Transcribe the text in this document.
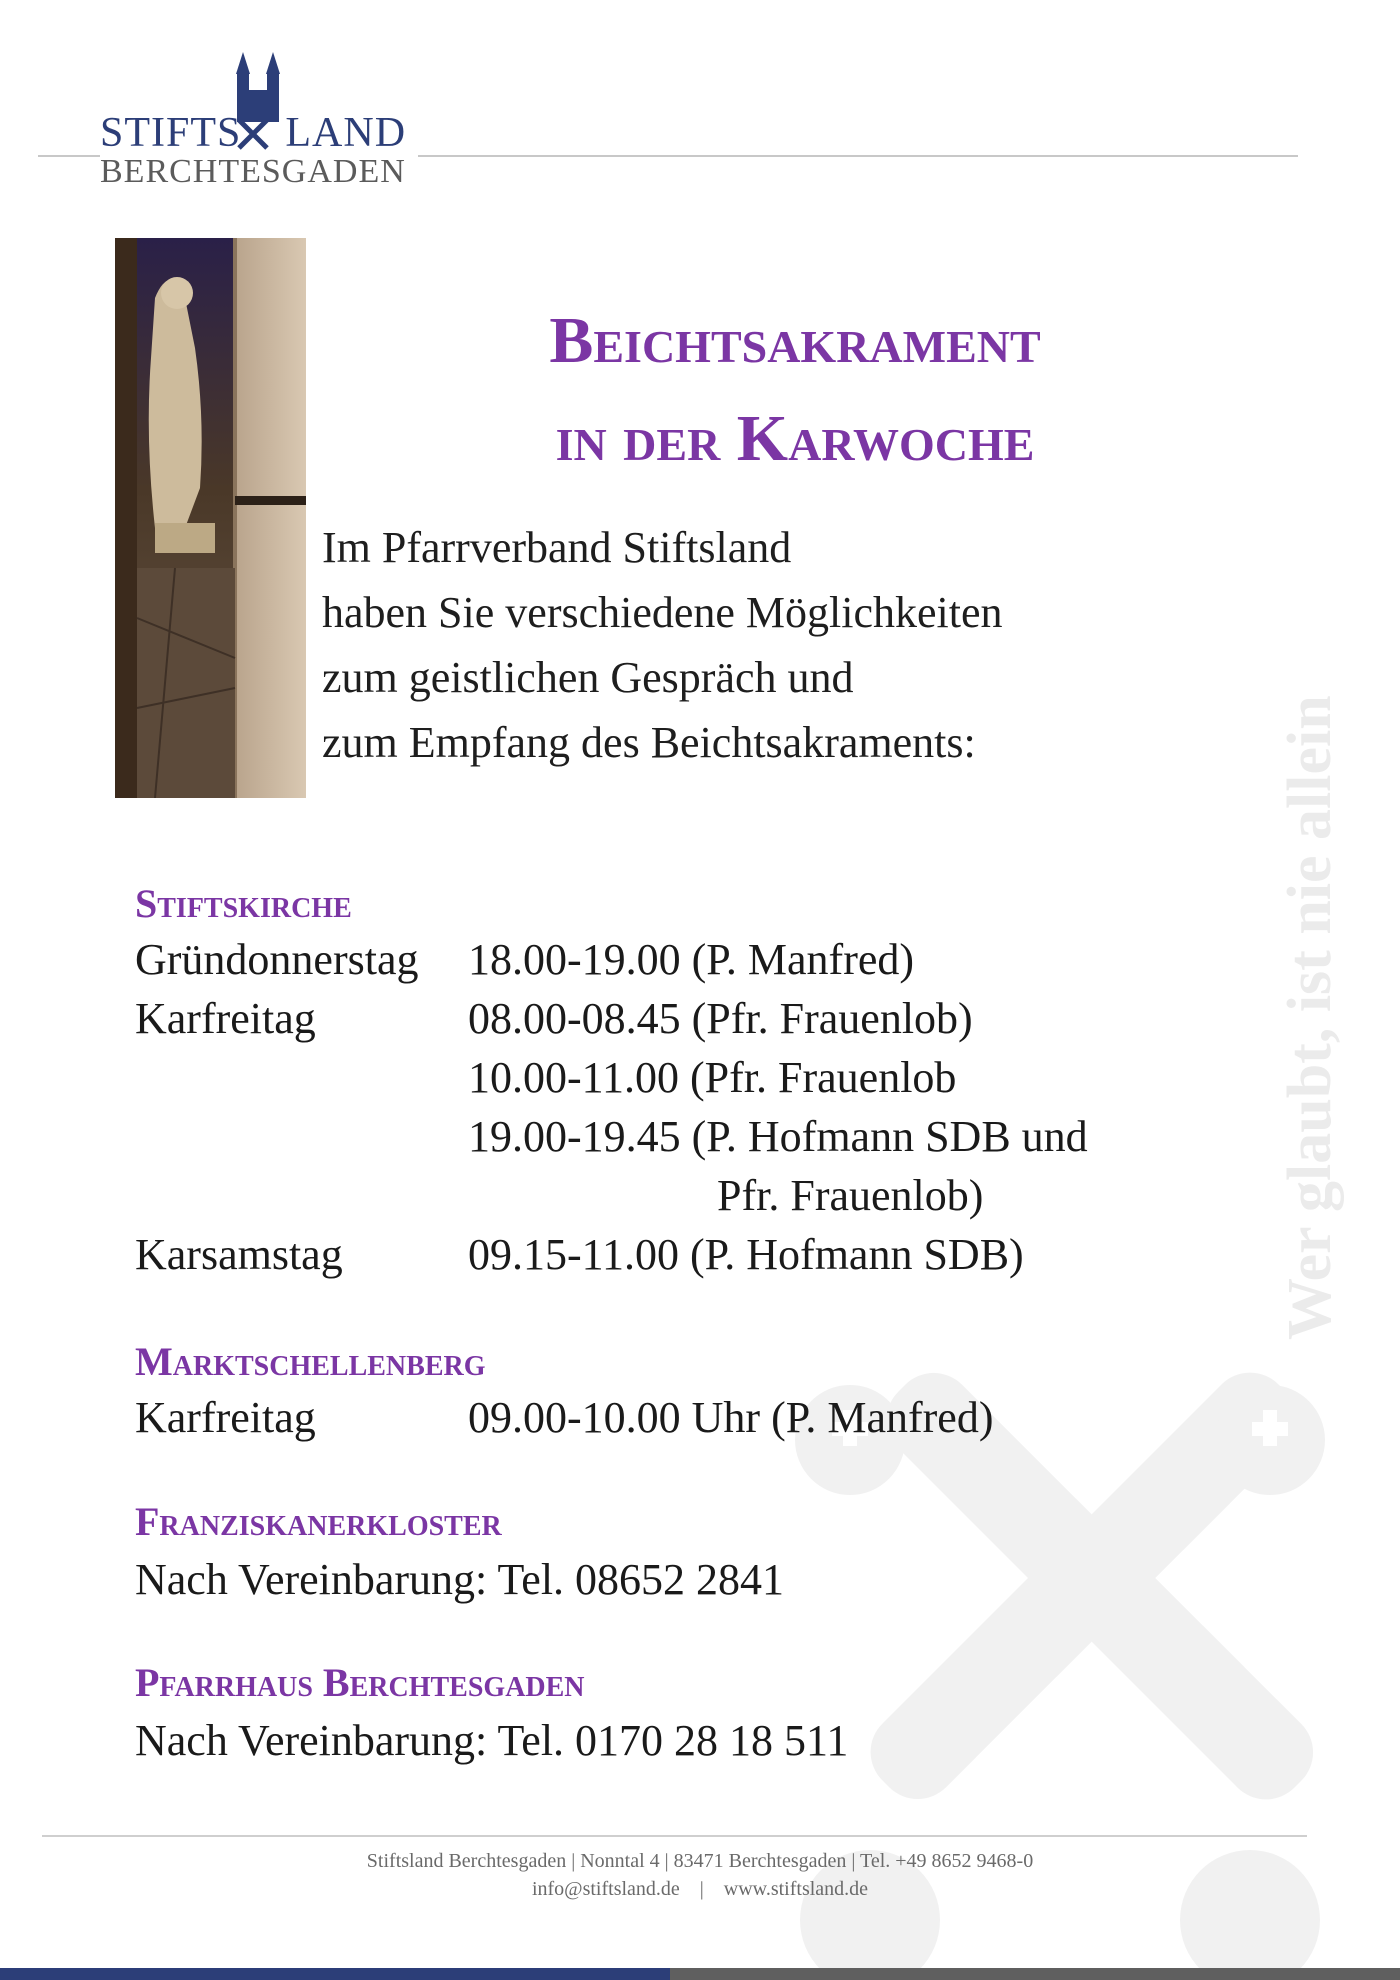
Wer glaubt, ist nie allein
STIFTS  LAND
BERCHTESGADEN
Beichtsakrament
in der Karwoche
Im Pfarrverband Stiftsland
haben Sie verschiedene Möglichkeiten
zum geistlichen Gespräch und
zum Empfang des Beichtsakraments:
Stiftskirche
Gründonnerstag 18.00-19.00 (P. Manfred)
Karfreitag	08.00-08.45 (Pfr. Frauenlob)
10.00-11.00 (Pfr. Frauenlob
19.00-19.45 (P. Hofmann SDB und
Pfr. Frauenlob)
Karsamstag	09.15-11.00 (P. Hofmann SDB)
Marktschellenberg
Karfreitag	09.00-10.00 Uhr (P. Manfred)
Franziskanerkloster
Nach Vereinbarung: Tel. 08652 2841
Pfarrhaus Berchtesgaden
Nach Vereinbarung: Tel. 0170 28 18 511
Stiftsland Berchtesgaden | Nonntal 4 | 83471 Berchtesgaden | Tel. +49 8652 9468-0
info@stiftsland.de    |    www.stiftsland.de
